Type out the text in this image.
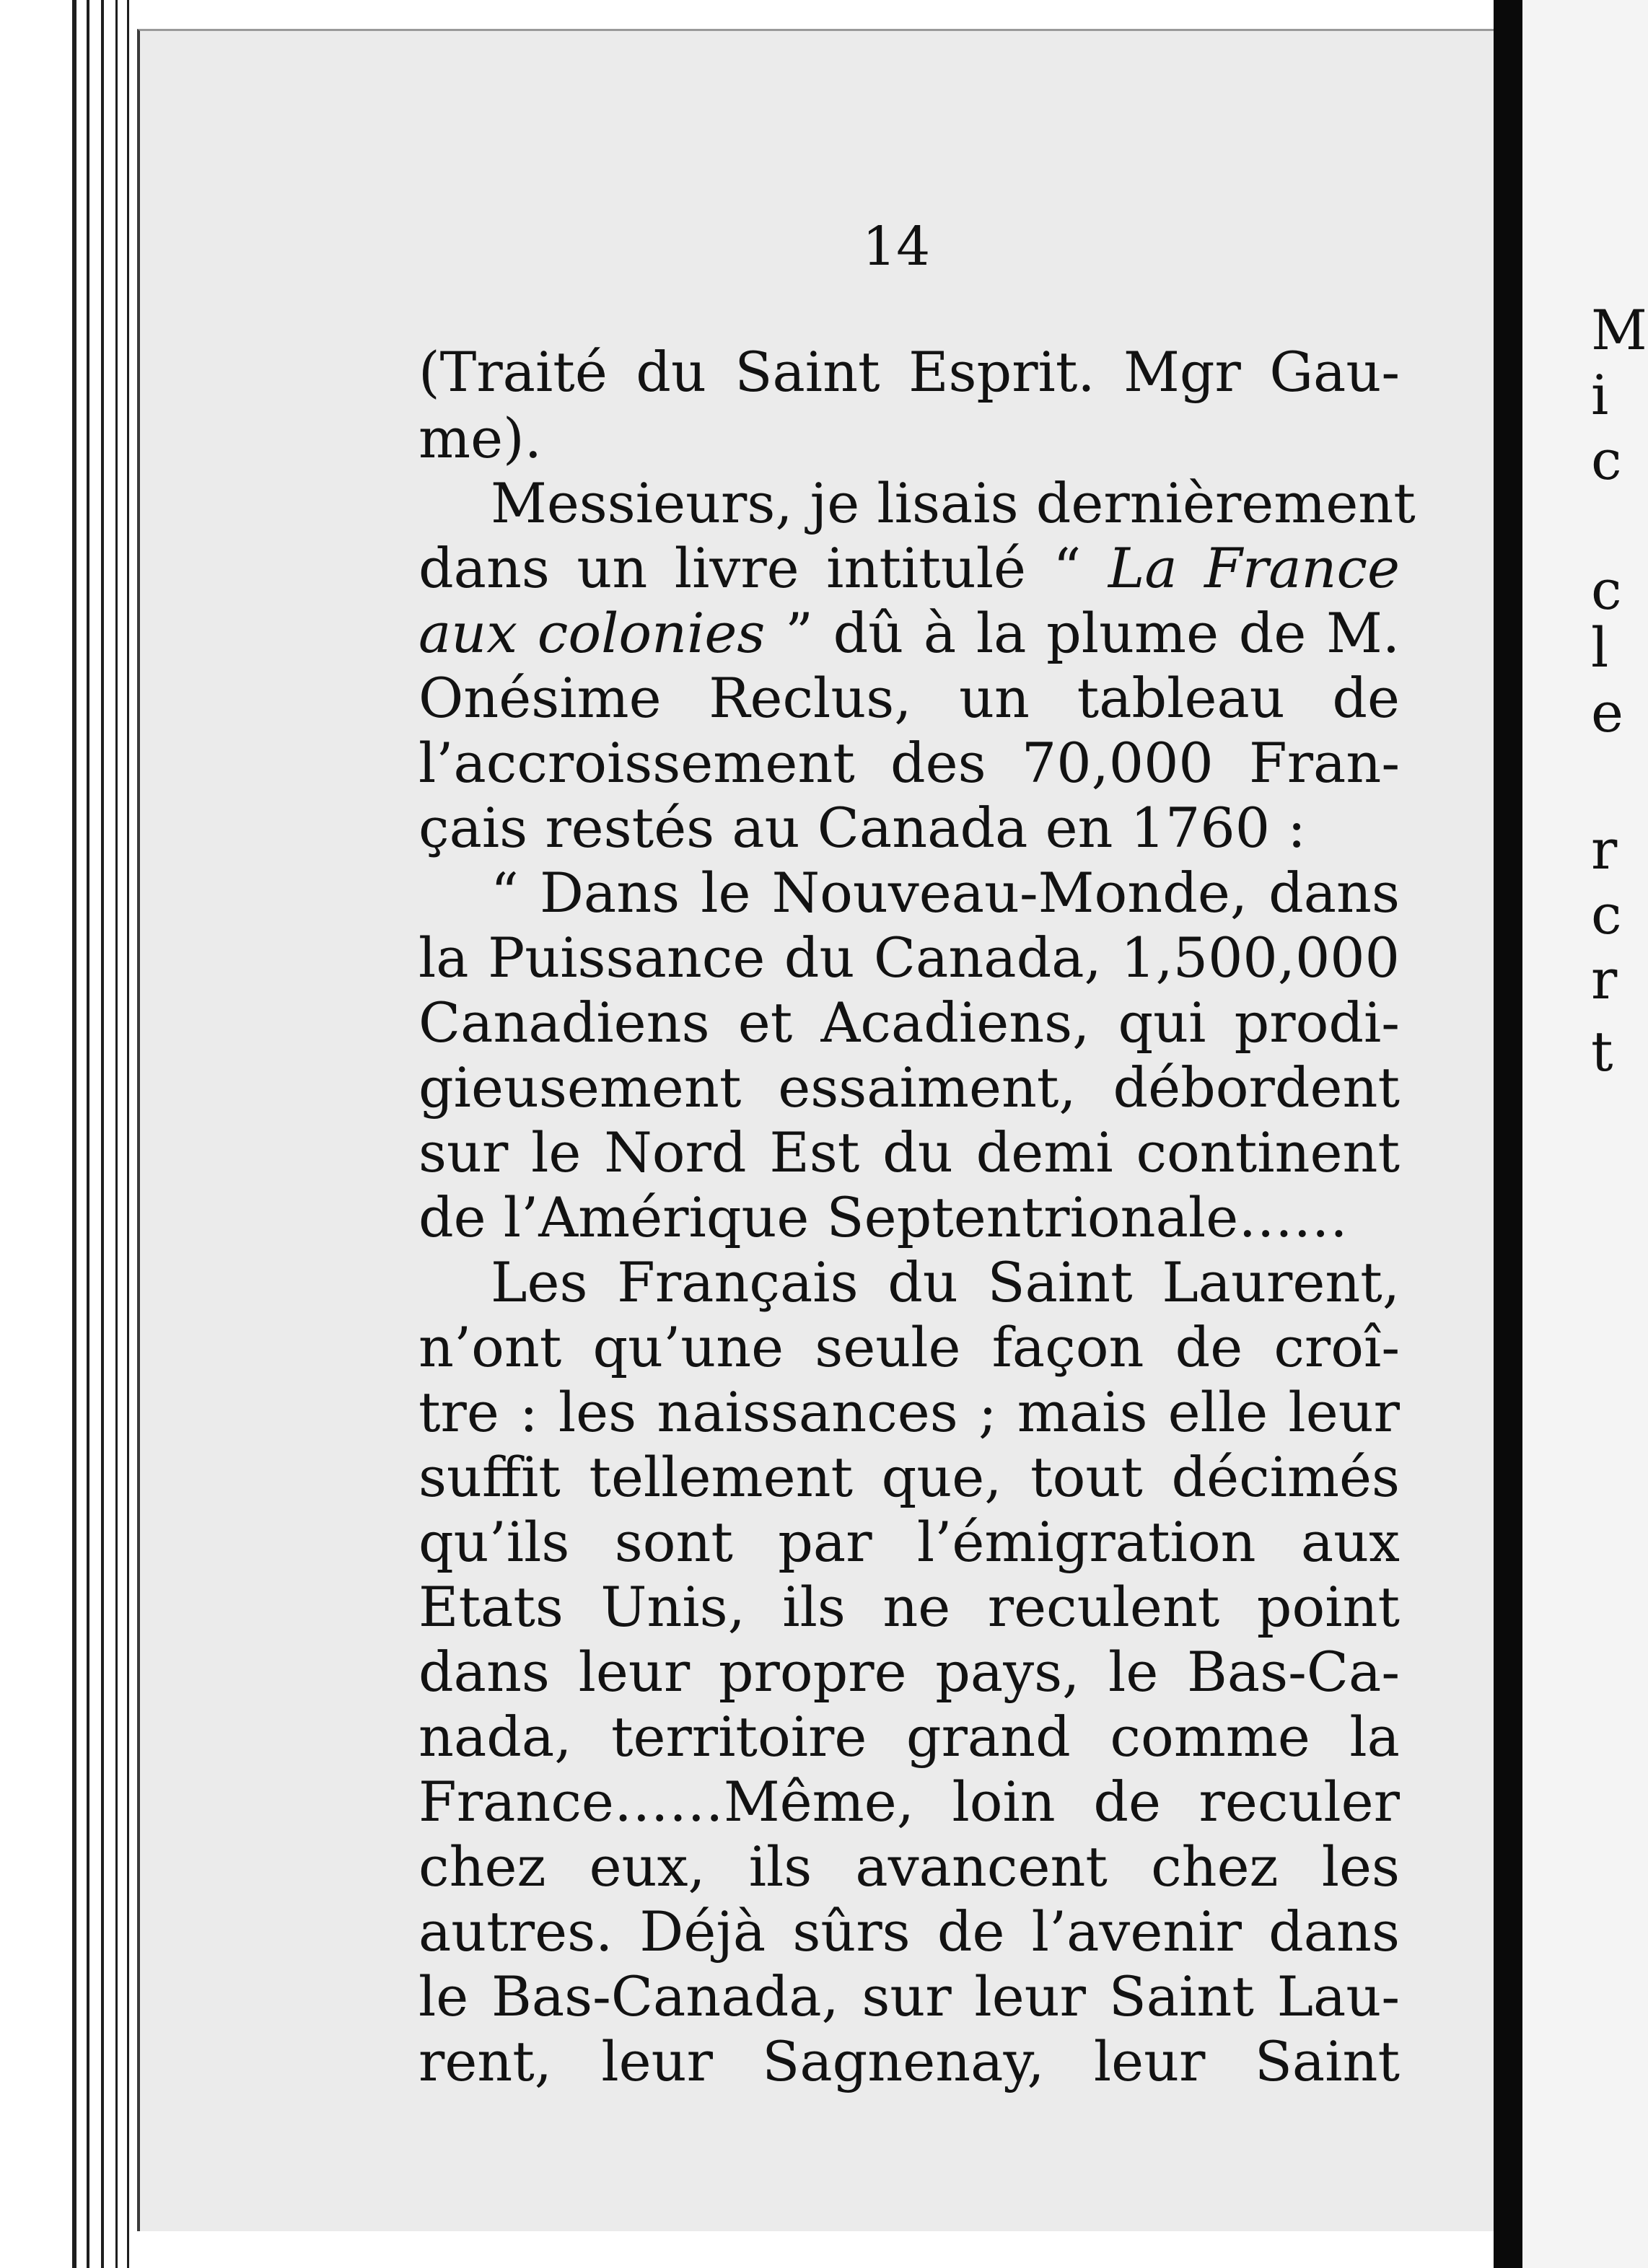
M
i
c
c
l
e
r
c
r
t
14
(Traité du Saint Esprit. Mgr Gau-
me).
Messieurs, je lisais dernièrement
dans un livre intitulé “ La France
aux colonies ” dû à la plume de M.
Onésime Reclus, un tableau de
l’accroissement des 70,000 Fran-
çais restés au Canada en 1760 :
“ Dans le Nouveau-Monde, dans
la Puissance du Canada, 1,500,000
Canadiens et Acadiens, qui prodi-
gieusement essaiment, débordent
sur le Nord Est du demi continent
de l’Amérique Septentrionale……
Les Français du Saint Laurent,
n’ont qu’une seule façon de croî-
tre : les naissances ; mais elle leur
suffit tellement que, tout décimés
qu’ils sont par l’émigration aux
Etats Unis, ils ne reculent point
dans leur propre pays, le Bas-Ca-
nada, territoire grand comme la
France……Même, loin de reculer
chez eux, ils avancent chez les
autres. Déjà sûrs de l’avenir dans
le Bas-Canada, sur leur Saint Lau-
rent, leur Sagnenay, leur Saint
